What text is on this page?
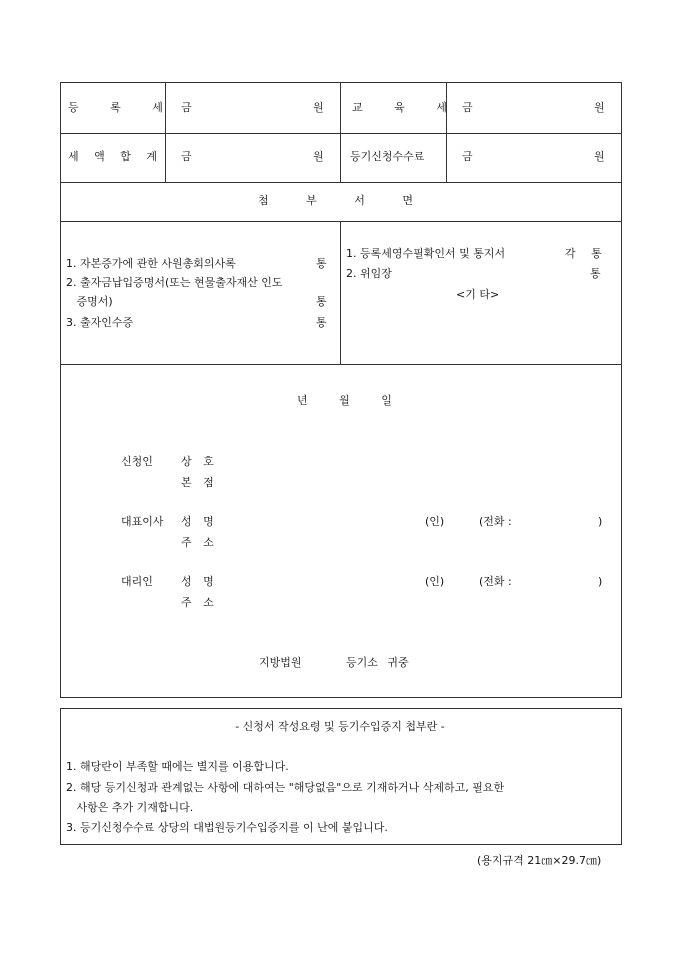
등 록 세 금	원	교 육 세 금	원
세 액 합 계 금	원 등기신청수수료	금	원
첨 부 서 면
1. 자본증가에 관한 사원총회의사록	통
2. 출자금납입증명서(또는 현물출자재산 인도
증명서)	통
3. 출자인수증	통
1. 등록세영수필확인서 및 통지서	각 통
2. 위임장	통
<기 타>
년 월 일
신청인	상 호
본 점
대표이사 성 명	(인)	(전화 :	)
주 소
대리인	성 명	(인)	(전화 :	)
주 소
지방법원	등기소 귀중
- 신청서 작성요령 및 등기수입증지 첩부란 -
1. 해당란이 부족할 때에는 별지를 이용합니다.
2. 해당 등기신청과 관계없는 사항에 대하여는 "해당없음"으로 기재하거나 삭제하고, 필요한
사항은 추가 기재합니다.
3. 등기신청수수료 상당의 대법원등기수입증지를 이 난에 붙입니다.
(용지규격 21㎝×29.7㎝)
